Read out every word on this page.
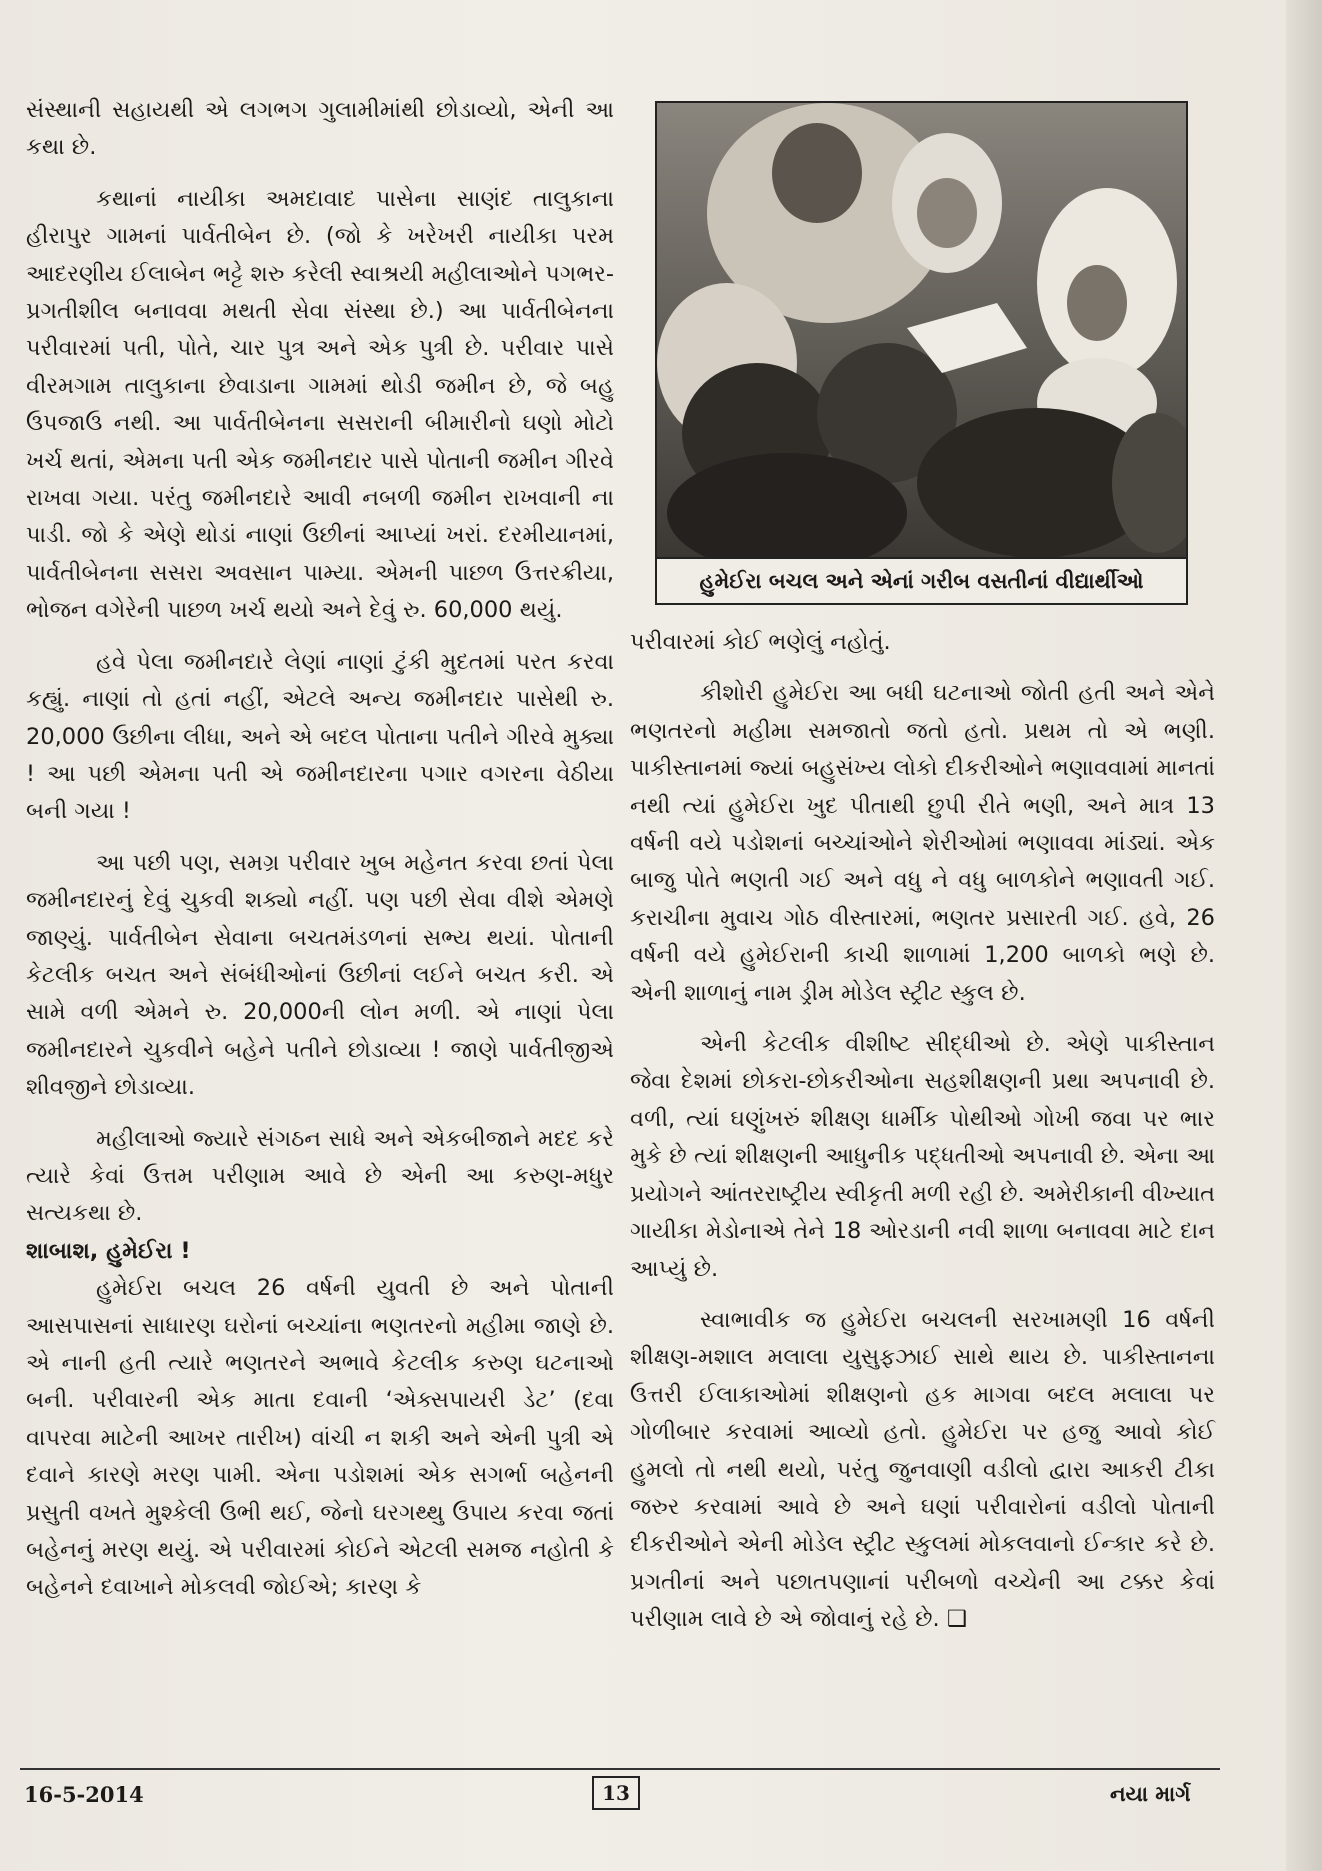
સંસ્થાની સહાયથી એ લગભગ ગુલામીમાંથી છોડાવ્યો, એની આ કથા છે.

કથાનાં નાયીકા અમદાવાદ પાસેના સાણંદ તાલુકાના હીરાપુર ગામનાં પાર્વતીબેન છે. (જો કે ખરેખરી નાયીકા પરમ આદરણીય ઈલાબેન ભટ્ટે શરુ કરેલી સ્વાશ્રયી મહીલાઓને પગભર-પ્રગતીશીલ બનાવવા મથતી સેવા સંસ્થા છે.) આ પાર્વતીબેનના પરીવારમાં પતી, પોતે, ચાર પુત્ર અને એક પુત્રી છે. પરીવાર પાસે વીરમગામ તાલુકાના છેવાડાના ગામમાં થોડી જમીન છે, જે બહુ ઉપજાઉ નથી. આ પાર્વતીબેનના સસરાની બીમારીનો ઘણો મોટો ખર્ચ થતાં, એમના પતી એક જમીનદાર પાસે પોતાની જમીન ગીરવે રાખવા ગયા. પરંતુ જમીનદારે આવી નબળી જમીન રાખવાની ના પાડી. જો કે એણે થોડાં નાણાં ઉછીનાં આપ્યાં ખરાં. દરમીયાનમાં, પાર્વતીબેનના સસરા અવસાન પામ્યા. એમની પાછળ ઉત્તરક્રીયા, ભોજન વગેરેની પાછળ ખર્ચ થયો અને દેવું રુ. 60,000 થયું.

હવે પેલા જમીનદારે લેણાં નાણાં ટુંકી મુદતમાં પરત કરવા કહ્યું. નાણાં તો હતાં નહીં, એટલે અન્ય જમીનદાર પાસેથી રુ. 20,000 ઉછીના લીધા, અને એ બદલ પોતાના પતીને ગીરવે મુક્યા ! આ પછી એમના પતી એ જમીનદારના પગાર વગરના વેઠીયા બની ગયા !

આ પછી પણ, સમગ્ર પરીવાર ખુબ મહેનત કરવા છતાં પેલા જમીનદારનું દેવું ચુકવી શક્યો નહીં. પણ પછી સેવા વીશે એમણે જાણ્યું. પાર્વતીબેન સેવાના બચતમંડળનાં સભ્ય થયાં. પોતાની કેટલીક બચત અને સંબંધીઓનાં ઉછીનાં લઈને બચત કરી. એ સામે વળી એમને રુ. 20,000ની લોન મળી. એ નાણાં પેલા જમીનદારને ચુકવીને બહેને પતીને છોડાવ્યા ! જાણે પાર્વતીજીએ શીવજીને છોડાવ્યા.

મહીલાઓ જ્યારે સંગઠન સાધે અને એકબીજાને મદદ કરે ત્યારે કેવાં ઉત્તમ પરીણામ આવે છે એની આ કરુણ-મધુર સત્યકથા છે.

શાબાશ, હુમેઈરા !

હુમેઈરા બચલ 26 વર્ષની યુવતી છે અને પોતાની આસપાસનાં સાધારણ ઘરોનાં બચ્ચાંના ભણતરનો મહીમા જાણે છે. એ નાની હતી ત્યારે ભણતરને અભાવે કેટલીક કરુણ ઘટનાઓ બની. પરીવારની એક માતા દવાની ‘એક્સપાયરી ડેટ’ (દવા વાપરવા માટેની આખર તારીખ) વાંચી ન શકી અને એની પુત્રી એ દવાને કારણે મરણ પામી. એના પડોશમાં એક સગર્ભા બહેનની પ્રસુતી વખતે મુશ્કેલી ઉભી થઈ, જેનો ઘરગથ્થુ ઉપાય કરવા જતાં બહેનનું મરણ થયું. એ પરીવારમાં કોઈને એટલી સમજ નહોતી કે બહેનને દવાખાને મોકલવી જોઈએ; કારણ કે

હુમેઈરા બચલ અને એનાં ગરીબ વસતીનાં વીદ્યાર્થીઓ

પરીવારમાં કોઈ ભણેલું નહોતું.

કીશોરી હુમેઈરા આ બધી ઘટનાઓ જોતી હતી અને એને ભણતરનો મહીમા સમજાતો જતો હતો. પ્રથમ તો એ ભણી. પાકીસ્તાનમાં જ્યાં બહુસંખ્ય લોકો દીકરીઓને ભણાવવામાં માનતાં નથી ત્યાં હુમેઈરા ખુદ પીતાથી છુપી રીતે ભણી, અને માત્ર 13 વર્ષની વયે પડોશનાં બચ્ચાંઓને શેરીઓમાં ભણાવવા માંડ્યાં. એક બાજુ પોતે ભણતી ગઈ અને વધુ ને વધુ બાળકોને ભણાવતી ગઈ. કરાચીના મુવાચ ગોઠ વીસ્તારમાં, ભણતર પ્રસારતી ગઈ. હવે, 26 વર્ષની વયે હુમેઈરાની કાચી શાળામાં 1,200 બાળકો ભણે છે. એની શાળાનું નામ ડ્રીમ મોડેલ સ્ટ્રીટ સ્કુલ છે.

એની કેટલીક વીશીષ્ટ સીદ્ધીઓ છે. એણે પાકીસ્તાન જેવા દેશમાં છોકરા-છોકરીઓના સહશીક્ષણની પ્રથા અપનાવી છે. વળી, ત્યાં ઘણુંખરું શીક્ષણ ધાર્મીક પોથીઓ ગોખી જવા પર ભાર મુકે છે ત્યાં શીક્ષણની આધુનીક પદ્ધતીઓ અપનાવી છે. એના આ પ્રયોગને આંતરરાષ્ટ્રીય સ્વીકૃતી મળી રહી છે. અમેરીકાની વીખ્યાત ગાયીકા મેડોનાએ તેને 18 ઓરડાની નવી શાળા બનાવવા માટે દાન આપ્યું છે.

સ્વાભાવીક જ હુમેઈરા બચલની સરખામણી 16 વર્ષની શીક્ષણ-મશાલ મલાલા યુસુફઝાઈ સાથે થાય છે. પાકીસ્તાનના ઉત્તરી ઈલાકાઓમાં શીક્ષણનો હક માગવા બદલ મલાલા પર ગોળીબાર કરવામાં આવ્યો હતો. હુમેઈરા પર હજુ આવો કોઈ હુમલો તો નથી થયો, પરંતુ જુનવાણી વડીલો દ્વારા આકરી ટીકા જરુર કરવામાં આવે છે અને ઘણાં પરીવારોનાં વડીલો પોતાની દીકરીઓને એની મોડેલ સ્ટ્રીટ સ્કુલમાં મોકલવાનો ઈન્કાર કરે છે. પ્રગતીનાં અને પછાતપણાનાં પરીબળો વચ્ચેની આ ટક્કર કેવાં પરીણામ લાવે છે એ જોવાનું રહે છે. ❑

16-5-2014	13	નયા માર્ગ
